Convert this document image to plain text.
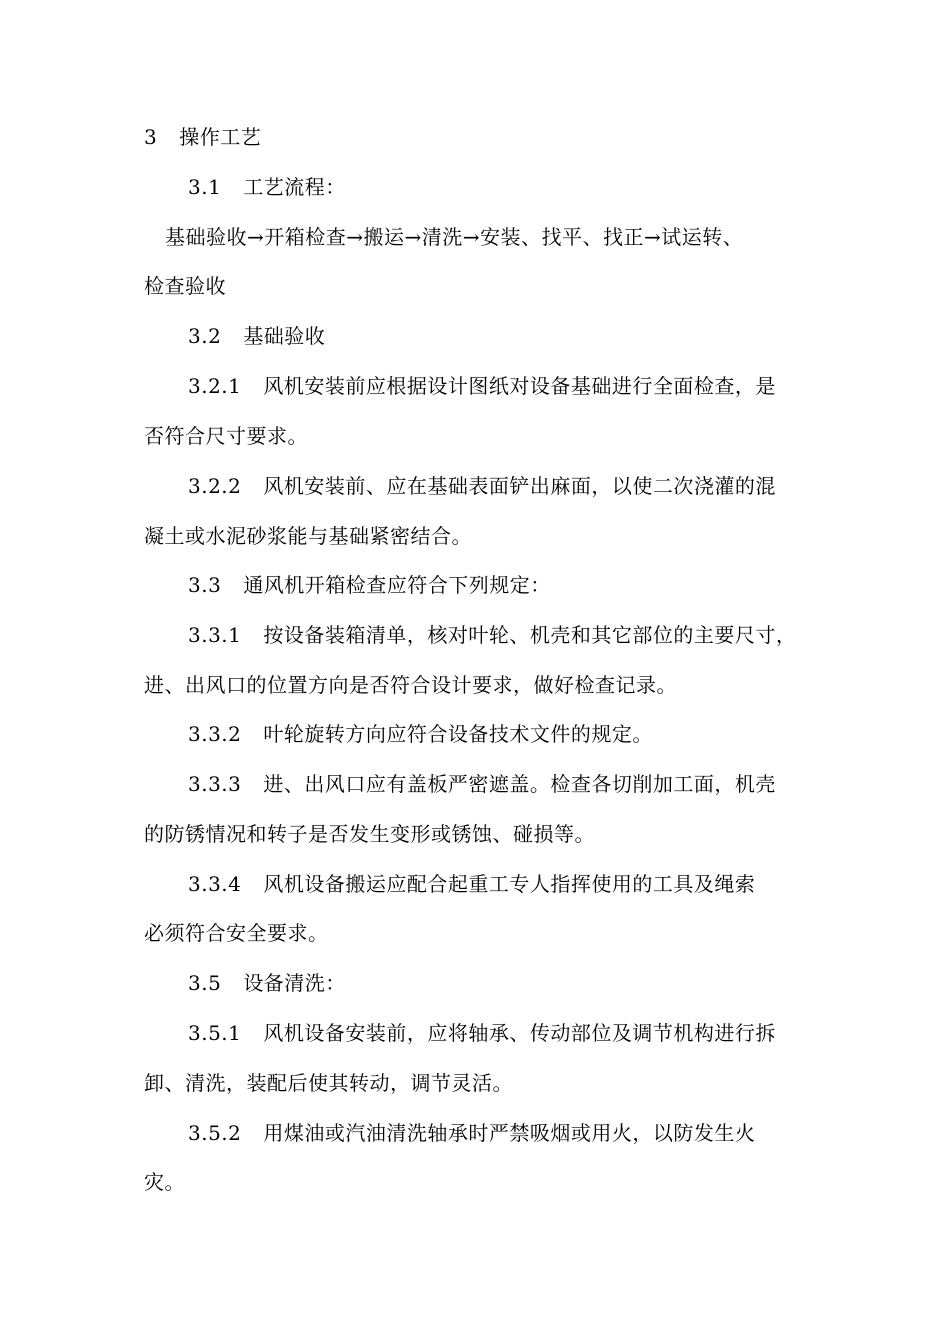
3 操作工艺
3.1 工艺流程：
基础验收→开箱检查→搬运→清洗→安装、找平、找正→试运转、
检查验收
3.2 基础验收
3.2.1 风机安装前应根据设计图纸对设备基础进行全面检查，是
否符合尺寸要求。
3.2.2 风机安装前、应在基础表面铲出麻面，以使二次浇灌的混
凝土或水泥砂浆能与基础紧密结合。
3.3 通风机开箱检查应符合下列规定：
3.3.1 按设备装箱清单，核对叶轮、机壳和其它部位的主要尺寸，
进、出风口的位置方向是否符合设计要求，做好检查记录。
3.3.2 叶轮旋转方向应符合设备技术文件的规定。
3.3.3 进、出风口应有盖板严密遮盖。检查各切削加工面，机壳
的防锈情况和转子是否发生变形或锈蚀、碰损等。
3.3.4 风机设备搬运应配合起重工专人指挥使用的工具及绳索
必须符合安全要求。
3.5 设备清洗：
3.5.1 风机设备安装前，应将轴承、传动部位及调节机构进行拆
卸、清洗，装配后使其转动，调节灵活。
3.5.2 用煤油或汽油清洗轴承时严禁吸烟或用火，以防发生火
灾。
